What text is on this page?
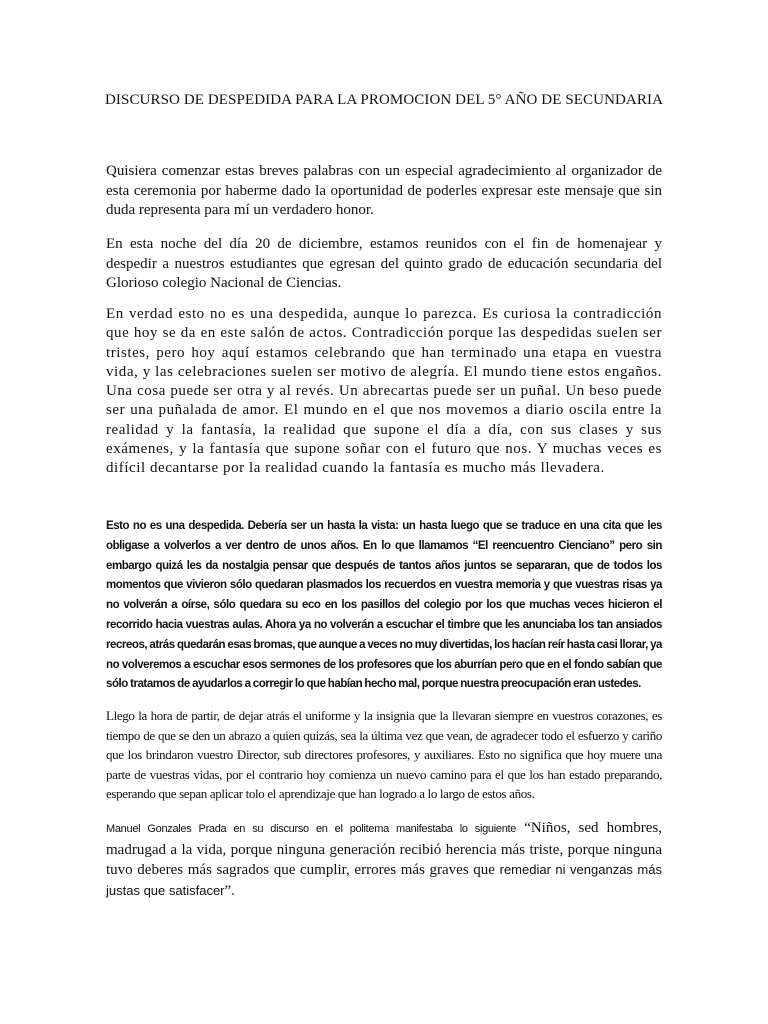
DISCURSO DE DESPEDIDA PARA LA PROMOCION DEL 5° AÑO DE SECUNDARIA

Quisiera comenzar estas breves palabras con un especial agradecimiento al organizador de esta ceremonia por haberme dado la oportunidad de poderles expresar este mensaje que sin duda representa para mí un verdadero honor.

En esta noche del día 20 de diciembre, estamos reunidos con el fin de homenajear y despedir a nuestros estudiantes que egresan del quinto grado de educación secundaria del Glorioso colegio Nacional de Ciencias.

En verdad esto no es una despedida, aunque lo parezca. Es curiosa la contradicción que hoy se da en este salón de actos. Contradicción porque las despedidas suelen ser tristes, pero hoy aquí estamos celebrando que han terminado una etapa en vuestra vida, y las celebraciones suelen ser motivo de alegría. El mundo tiene estos engaños. Una cosa puede ser otra y al revés. Un abrecartas puede ser un puñal. Un beso puede ser una puñalada de amor. El mundo en el que nos movemos a diario oscila entre la realidad y la fantasía, la realidad que supone el día a día, con sus clases y sus exámenes, y la fantasía que supone soñar con el futuro que nos. Y muchas veces es difícil decantarse por la realidad cuando la fantasía es mucho más llevadera.

Esto no es una despedida. Debería ser un hasta la vista: un hasta luego que se traduce en una cita que les obligase a volverlos a ver dentro de unos años. En lo que llamamos “El reencuentro Cienciano” pero sin embargo quizá les da nostalgia pensar que después de tantos años juntos se separaran, que de todos los momentos que vivieron sólo quedaran plasmados los recuerdos en vuestra memoria y que vuestras risas ya no volverán a oírse, sólo quedara su eco en los pasillos del colegio por los que muchas veces hicieron el recorrido hacia vuestras aulas. Ahora ya no volverán a escuchar el timbre que les anunciaba los tan ansiados recreos, atrás quedarán esas bromas, que aunque a veces no muy divertidas, los hacían reír hasta casi llorar, ya no volveremos a escuchar esos sermones de los profesores que los aburrían pero que en el fondo sabían que sólo tratamos de ayudarlos a corregir lo que habían hecho mal, porque nuestra preocupación eran ustedes.

Llego la hora de partir, de dejar atrás el uniforme y la insignia que la llevaran siempre en vuestros corazones, es tiempo de que se den un abrazo a quien quizás, sea la última vez que vean, de agradecer todo el esfuerzo y cariño que los brindaron vuestro Director, sub directores profesores, y auxiliares. Esto no significa que hoy muere una parte de vuestras vidas, por el contrario hoy comienza un nuevo camino para el que los han estado preparando, esperando que sepan aplicar tolo el aprendizaje que han logrado a lo largo de estos años.

Manuel Gonzales Prada en su discurso en el politema manifestaba lo siguiente “Niños, sed hombres, madrugad a la vida, porque ninguna generación recibió herencia más triste, porque ninguna tuvo deberes más sagrados que cumplir, errores más graves que remediar ni venganzas más justas que satisfacer”.
